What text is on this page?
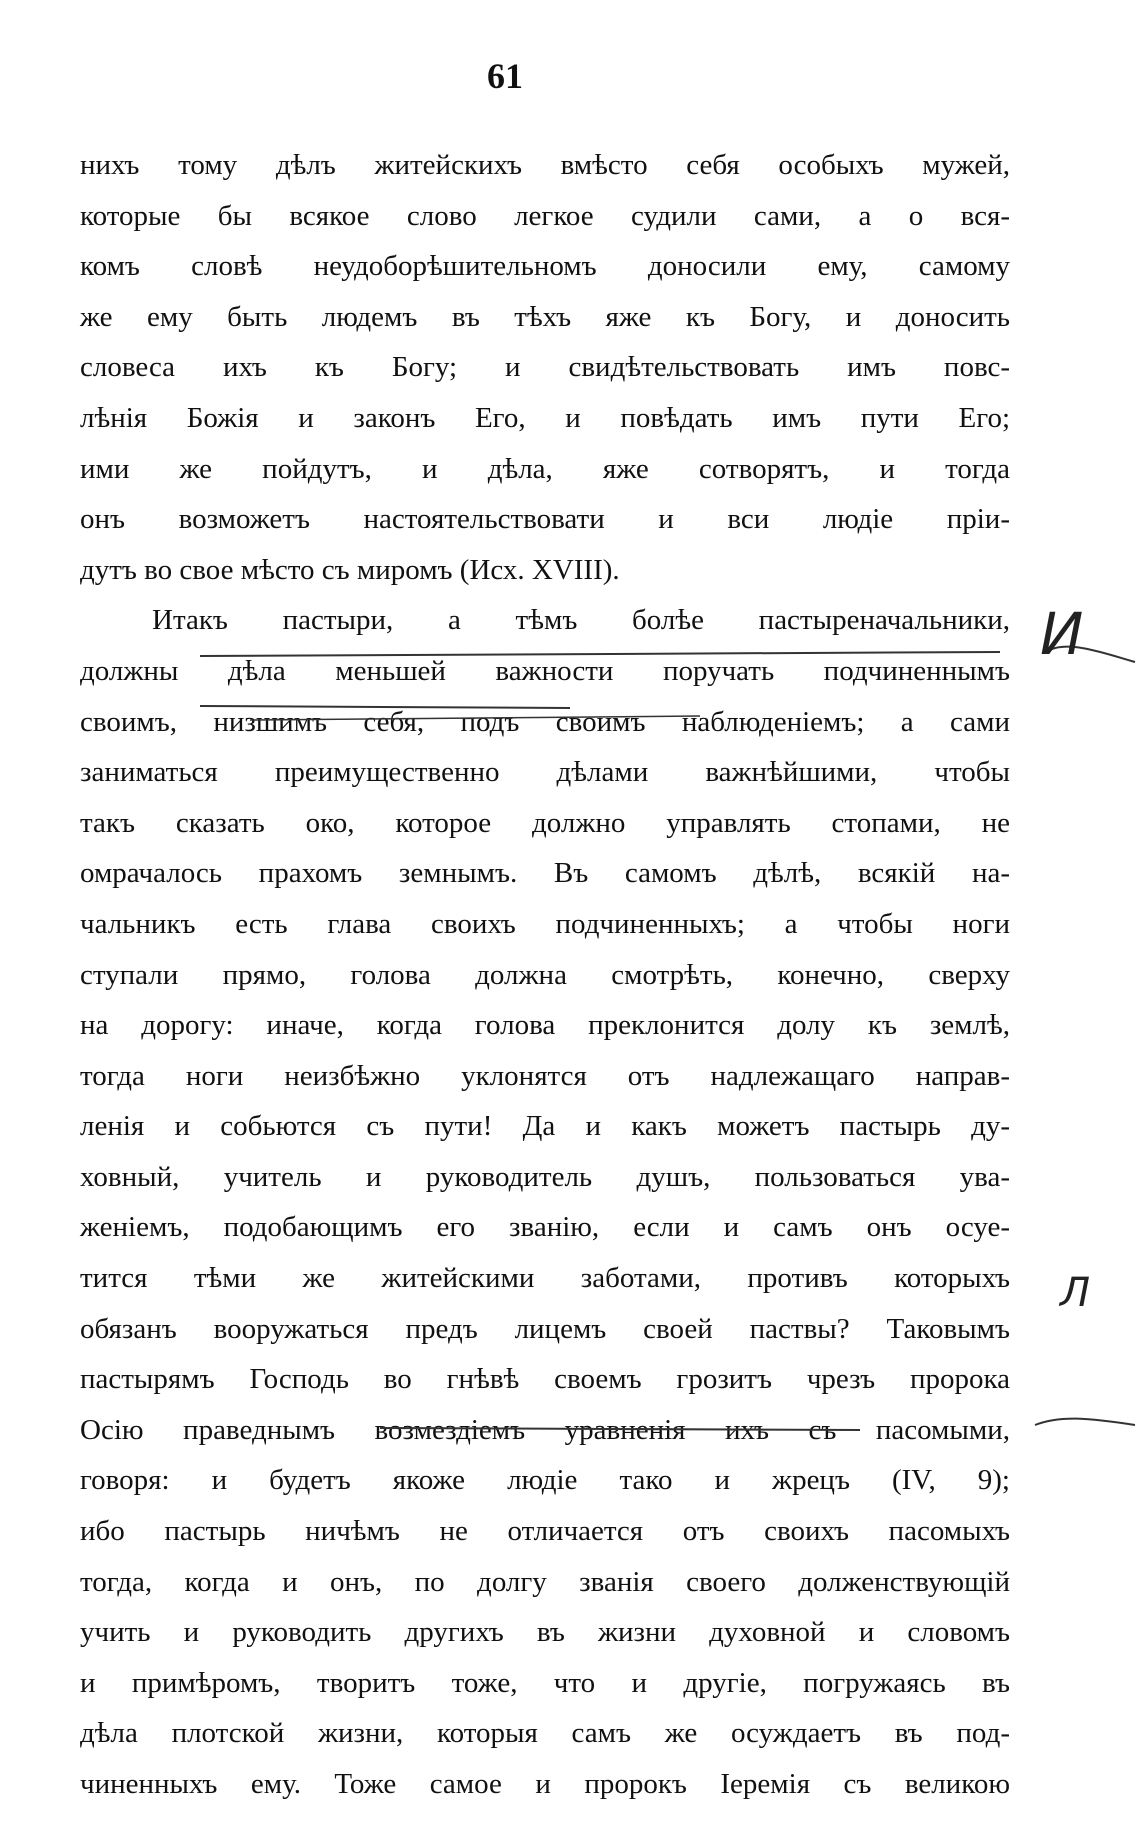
61
нихъ тому дѣлъ житейскихъ вмѣсто себя особыхъ мужей,
которые бы всякое слово легкое судили сами, а о вся-
комъ словѣ неудоборѣшительномъ доносили ему, самому
же ему быть людемъ въ тѣхъ яже къ Богу, и доносить
словеса ихъ къ Богу; и свидѣтельствовать имъ повс-
лѣнія Божія и законъ Его, и повѣдать имъ пути Его;
ими же пойдутъ, и дѣла, яже сотворятъ, и тогда
онъ возможетъ настоятельствовати и вси людіе пріи-
дутъ во свое мѣсто съ миромъ (Исх. XVIII).
Итакъ пастыри, а тѣмъ болѣе пастыреначальники,
должны дѣла меньшей важности поручать подчиненнымъ
своимъ, низшимъ себя, подъ своимъ наблюденіемъ; а сами
заниматься преимущественно дѣлами важнѣйшими, чтобы
такъ сказать око, которое должно управлять стопами, не
омрачалось прахомъ земнымъ. Въ самомъ дѣлѣ, всякій на-
чальникъ есть глава своихъ подчиненныхъ; а чтобы ноги
ступали прямо, голова должна смотрѣть, конечно, сверху
на дорогу: иначе, когда голова преклонится долу къ землѣ,
тогда ноги неизбѣжно уклонятся отъ надлежащаго направ-
ленія и собьются съ пути! Да и какъ можетъ пастырь ду-
ховный, учитель и руководитель душъ, пользоваться ува-
женіемъ, подобающимъ его званію, если и самъ онъ осуе-
тится тѣми же житейскими заботами, противъ которыхъ
обязанъ вооружаться предъ лицемъ своей паствы? Таковымъ
пастырямъ Господь во гнѣвѣ своемъ грозитъ чрезъ пророка
Осію праведнымъ возмездіемъ уравненія ихъ съ пасомыми,
говоря: и будетъ якоже людіе тако и жрецъ (IV, 9);
ибо пастырь ничѣмъ не отличается отъ своихъ пасомыхъ
тогда, когда и онъ, по долгу званія своего долженствующій
учить и руководить другихъ въ жизни духовной и словомъ
и примѣромъ, творитъ тоже, что и другіе, погружаясь въ
дѣла плотской жизни, которыя самъ же осуждаетъ въ под-
чиненныхъ ему. Тоже самое и пророкъ Іеремія съ великою
И
Л
